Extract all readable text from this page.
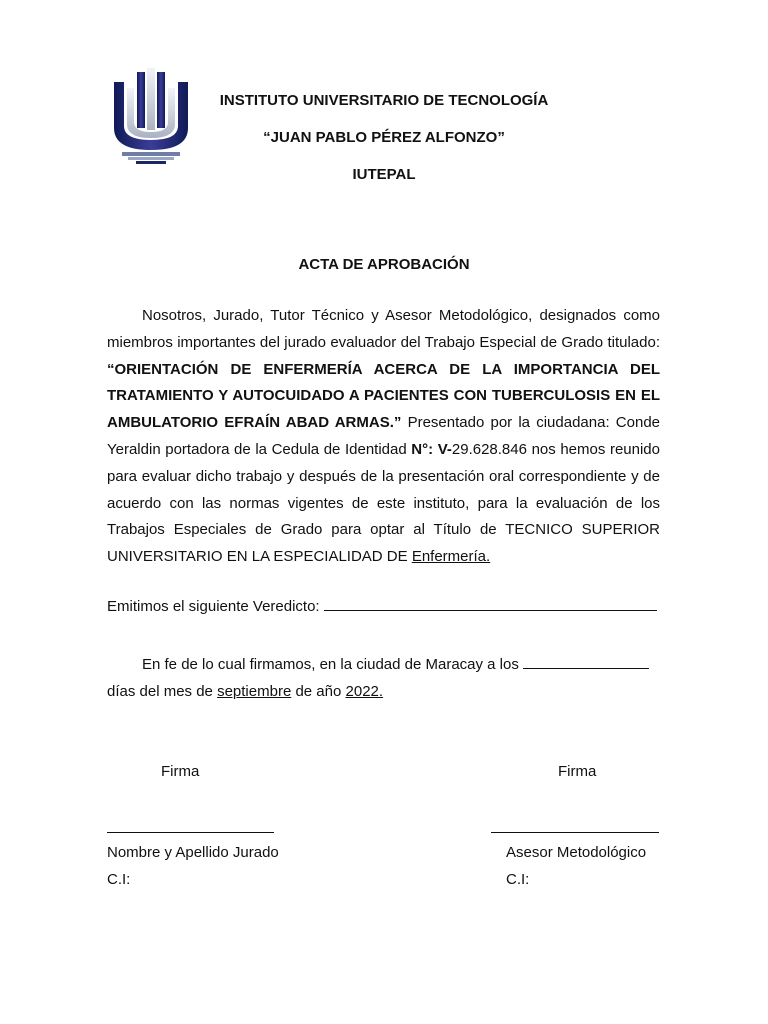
INSTITUTO UNIVERSITARIO DE TECNOLOGÍA
“JUAN PABLO PÉREZ ALFONZO”
IUTEPAL
ACTA DE APROBACIÓN
Nosotros, Jurado, Tutor Técnico y Asesor Metodológico, designados como miembros importantes del jurado evaluador del Trabajo Especial de Grado titulado: “ORIENTACIÓN DE ENFERMERÍA ACERCA DE LA IMPORTANCIA DEL TRATAMIENTO Y AUTOCUIDADO A PACIENTES CON TUBERCULOSIS EN EL AMBULATORIO EFRAÍN ABAD ARMAS.” Presentado por la ciudadana: Conde Yeraldin portadora de la Cedula de Identidad N°: V-29.628.846 nos hemos reunido para evaluar dicho trabajo y después de la presentación oral correspondiente y de acuerdo con las normas vigentes de este instituto, para la evaluación de los Trabajos Especiales de Grado para optar al Título de TECNICO SUPERIOR UNIVERSITARIO EN LA ESPECIALIDAD DE Enfermería.
Emitimos el siguiente Veredicto:
En fe de lo cual firmamos, en la ciudad de Maracay a los
días del mes de septiembre de año 2022.
Firma
Nombre y Apellido Jurado
C.I:
Firma
Asesor Metodológico
C.I:
